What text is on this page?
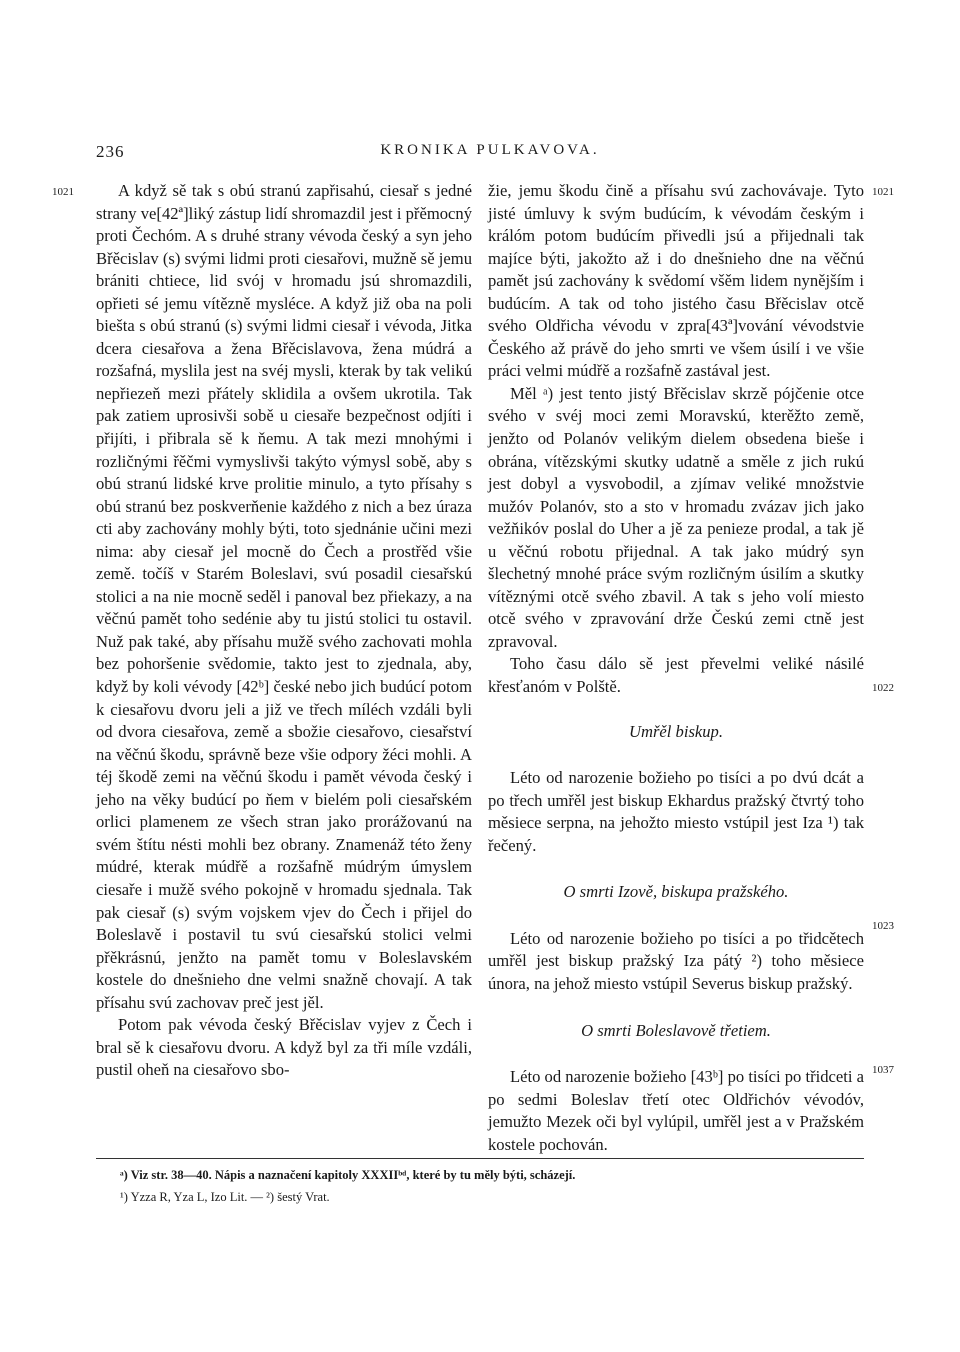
236	KRONIKA PULKAVOVA.
1021	1021
1022
1023
1037

A když sě tak s obú stranú zapřisahú, ciesař s jedné strany ve[42ª]liký zástup lidí shromazdil jest i přěmocný proti Čechóm. A s druhé strany vévoda český a syn jeho Břěcislav (s) svými lidmi proti ciesařovi, mužně sě jemu brániti chtiece, lid svój v hromadu jsú shromazdili, opřieti sé jemu vítězně mysléce. A když již oba na poli biešta s obú stranú (s) svými lidmi ciesař i vévoda, Jitka dcera ciesařova a žena Břěcislavova, žena múdrá a rozšafná, myslila jest na svéj mysli, kterak by tak velikú nepřiezeň mezi přátely sklidila a ovšem ukrotila. Tak pak zatiem uprosivši sobě u ciesaře bezpečnost odjíti i přijíti, i přibrala sě k ňemu. A tak mezi mnohými i rozličnými řěčmi vymyslivši takýto výmysl sobě, aby s obú stranú lidské krve prolitie minulo, a tyto přísahy s obú stranú bez poskverňenie každého z nich a bez úraza cti aby zachovány mohly býti, toto sjednánie učini mezi nima: aby ciesař jel mocně do Čech a prostřěd všie země. točíš v Starém Boleslavi, svú posadil ciesařskú stolici a na nie mocně seděl i panoval bez přiekazy, a na věčnú pamět toho sedénie aby tu jistú stolici tu ostavil. Nuž pak také, aby přísahu mužě svého zachovati mohla bez pohoršenie svědomie, takto jest to zjednala, aby, když by koli vévody [42ᵇ] české nebo jich budúcí potom k ciesařovu dvoru jeli a již ve třech míléch vzdáli byli od dvora ciesařova, země a sbožie ciesařovo, ciesařství na věčnú škodu, správně beze všie odpory žéci mohli. A téj škodě zemi na věčnú škodu i pamět vévoda český i jeho na věky budúcí po ňem v bielém poli ciesařském orlici plamenem ze všech stran jako prorážovanú na svém štítu nésti mohli bez obrany. Znamenáž této ženy múdré, kterak múdřě a rozšafně múdrým úmyslem ciesaře i mužě svého pokojně v hromadu sjednala. Tak pak ciesař (s) svým vojskem vjev do Čech i přijel do Boleslavě i postavil tu svú ciesařskú stolici velmi přěkrásnú, jenžto na pamět tomu v Boleslavském kostele do dnešnieho dne velmi snažně chovají. A tak přísahu svú zachovav preč jest jěl.

Potom pak vévoda český Břěcislav vyjev z Čech i bral sě k ciesařovu dvoru. A když byl za tři míle vzdáli, pustil oheň na ciesařovo sbo-

žie, jemu škodu čině a přísahu svú zachovávaje. Tyto jisté úmluvy k svým budúcím, k vévodám českým i králóm potom budúcím přivedli jsú a přijednali tak majíce býti, jakožto až i do dnešnieho dne na věčnú pamět jsú zachovány k svědomí všěm lidem nynějším i budúcím. A tak od toho jistého času Břěcislav otcě svého Oldřicha vévodu v zpra[43ª]vování vévodstvie Českého až právě do jeho smrti ve všem úsilí i ve všie práci velmi múdřě a rozšafně zastával jest.

Měl ᵃ) jest tento jistý Břěcislav skrzě pójčenie otce svého v svéj moci zemi Moravskú, kterěžto země, jenžto od Polanóv velikým dielem obsedena bieše i obrána, vítězskými skutky udatně a směle z jich rukú jest dobyl a vysvobodil, a zjímav veliké množstvie mužóv Polanóv, sto a sto v hromadu zvázav jich jako vežňikóv poslal do Uher a jě za penieze prodal, a tak jě u věčnú robotu přijednal. A tak jako múdrý syn šlechetný mnohé práce svým rozličným úsilím a skutky vítěznými otcě svého zbavil. A tak s jeho volí miesto otcě svého v zpravování drže Českú zemi ctně jest zpravoval.

Toho času dálo sě jest převelmi veliké násilé křesťanóm v Polště.

Umřěl biskup.

Léto od narozenie božieho po tisíci a po dvú dcát a po třech umřěl jest biskup Ekhardus pražský čtvrtý toho měsiece serpna, na jehožto miesto vstúpil jest Iza ¹) tak řečený.

O smrti Izově, biskupa pražského.

Léto od narozenie božieho po tisíci a po třidcětech umřěl jest biskup pražský Iza pátý ²) toho měsiece února, na jehož miesto vstúpil Severus biskup pražský.

O smrti Boleslavově třetiem.

Léto od narozenie božieho [43ᵇ] po tisíci po třidceti a po sedmi Boleslav třetí otec Oldřichóv vévodóv, jemužto Mezek oči byl vylúpil, umřěl jest a v Pražském kostele pochován.

ᵃ) Viz str. 38—40. Nápis a naznačení kapitoly XXXIIᵇᵈ, které by tu měly býti, scházejí.

¹) Yzza R, Yza L, Izo Lit. — ²) šestý Vrat.
